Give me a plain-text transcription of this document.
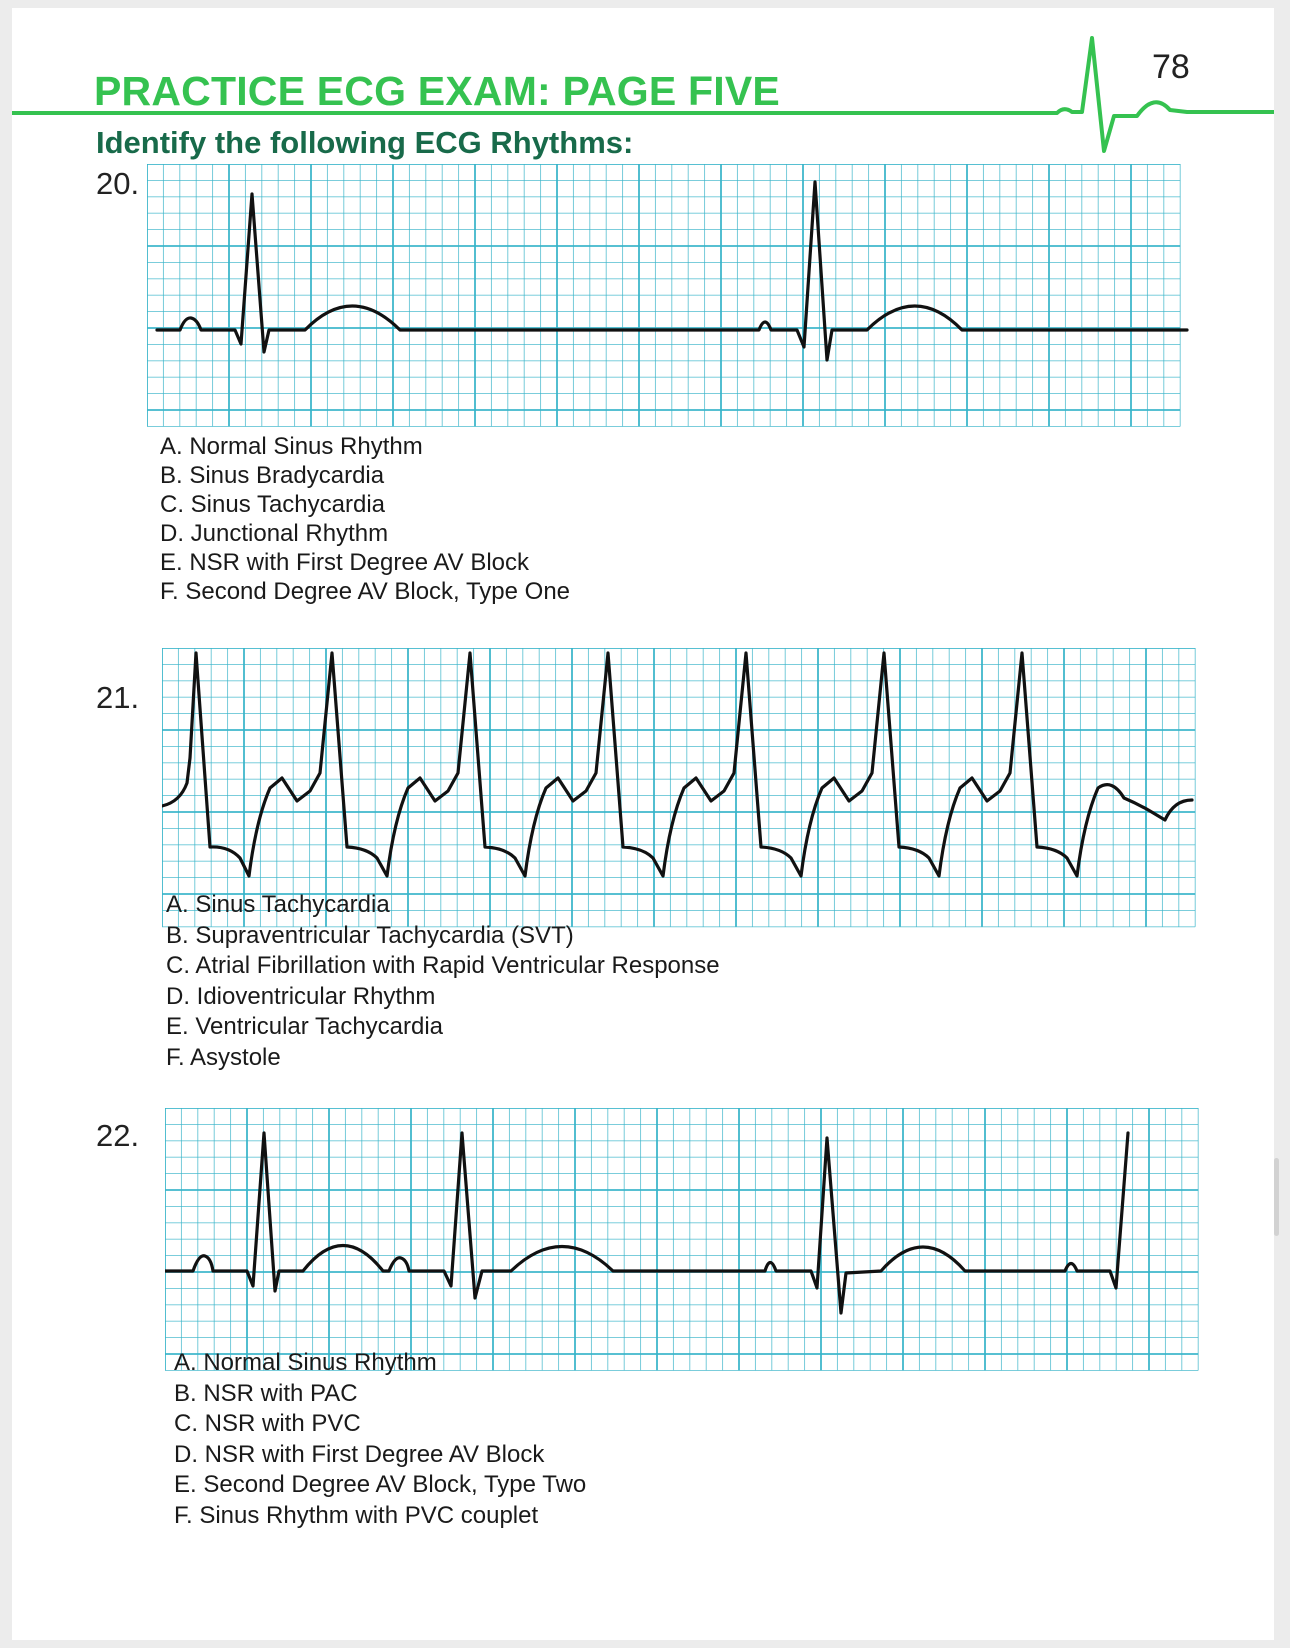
78
PRACTICE ECG EXAM: PAGE FIVE
Identify the following ECG Rhythms:
20.
A. Normal Sinus Rhythm
B. Sinus Bradycardia
C. Sinus Tachycardia
D. Junctional Rhythm
E. NSR with First Degree AV Block
F. Second Degree AV Block, Type One
21.
A. Sinus Tachycardia
B. Supraventricular Tachycardia (SVT)
C. Atrial Fibrillation with Rapid Ventricular Response
D. Idioventricular Rhythm
E. Ventricular Tachycardia
F. Asystole
22.
A. Normal Sinus Rhythm
B. NSR with PAC
C. NSR with PVC
D. NSR with First Degree AV Block
E. Second Degree AV Block, Type Two
F. Sinus Rhythm with PVC couplet
